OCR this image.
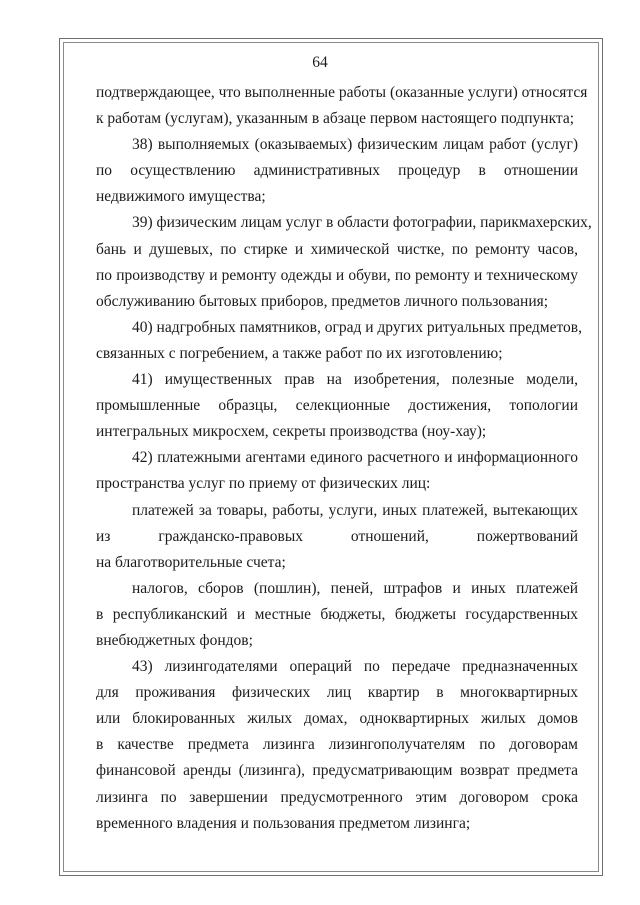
64
подтверждающее, что выполненные работы (оказанные услуги) относятся
к работам (услугам), указанным в абзаце первом настоящего подпункта;
38) выполняемых (оказываемых) физическим лицам работ (услуг)
по осуществлению административных процедур в отношении
недвижимого имущества;
39) физическим лицам услуг в области фотографии, парикмахерских,
бань и душевых, по стирке и химической чистке, по ремонту часов,
по производству и ремонту одежды и обуви, по ремонту и техническому
обслуживанию бытовых приборов, предметов личного пользования;
40) надгробных памятников, оград и других ритуальных предметов,
связанных с погребением, а также работ по их изготовлению;
41) имущественных прав на изобретения, полезные модели,
промышленные образцы, селекционные достижения, топологии
интегральных микросхем, секреты производства (ноу-хау);
42) платежными агентами единого расчетного и информационного
пространства услуг по приему от физических лиц:
платежей за товары, работы, услуги, иных платежей, вытекающих
из гражданско-правовых отношений, пожертвований
на благотворительные счета;
налогов, сборов (пошлин), пеней, штрафов и иных платежей
в республиканский и местные бюджеты, бюджеты государственных
внебюджетных фондов;
43) лизингодателями операций по передаче предназначенных
для проживания физических лиц квартир в многоквартирных
или блокированных жилых домах, одноквартирных жилых домов
в качестве предмета лизинга лизингополучателям по договорам
финансовой аренды (лизинга), предусматривающим возврат предмета
лизинга по завершении предусмотренного этим договором срока
временного владения и пользования предметом лизинга;
